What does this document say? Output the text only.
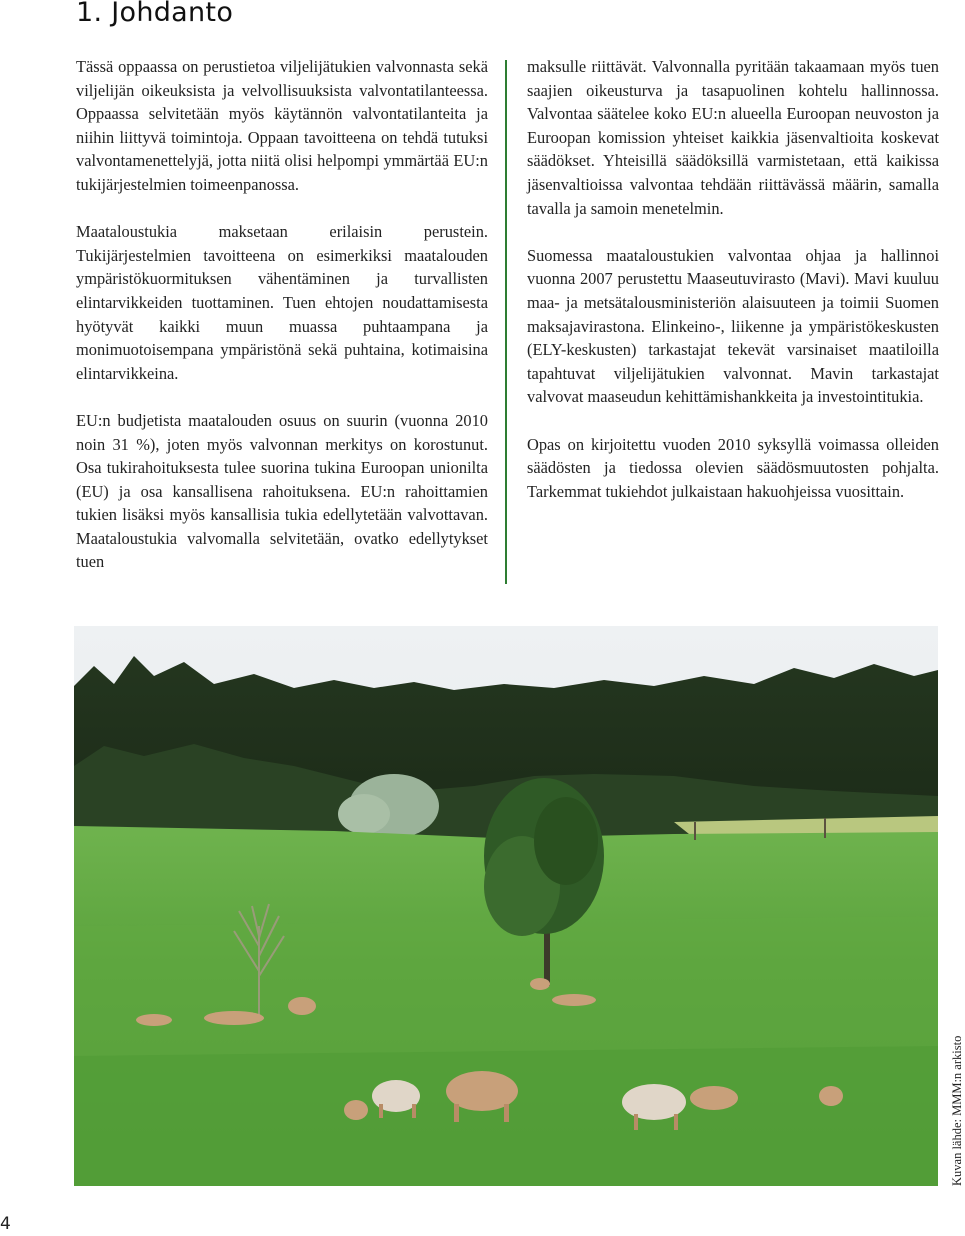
1. Johdanto

Tässä oppaassa on perustietoa viljelijätukien valvonnasta sekä viljelijän oikeuksista ja velvollisuuksista valvontatilanteessa. Oppaassa selvitetään myös käytännön valvontatilanteita ja niihin liittyvä toimintoja. Oppaan tavoitteena on tehdä tutuksi valvontamenettelyjä, jotta niitä olisi helpompi ymmärtää EU:n tukijärjestelmien toimeenpanossa.

Maataloustukia maksetaan erilaisin perustein. Tukijärjestelmien tavoitteena on esimerkiksi maatalouden ympäristökuormituksen vähentäminen ja turvallisten elintarvikkeiden tuottaminen. Tuen ehtojen noudattamisesta hyötyvät kaikki muun muassa puhtaampana ja monimuotoisempana ympäristönä sekä puhtaina, kotimaisina elintarvikkeina.

EU:n budjetista maatalouden osuus on suurin (vuonna 2010 noin 31 %), joten myös valvonnan merkitys on korostunut. Osa tukirahoituksesta tulee suorina tukina Euroopan unionilta (EU) ja osa kansallisena rahoituksena. EU:n rahoittamien tukien lisäksi myös kansallisia tukia edellytetään valvottavan. Maataloustukia valvomalla selvitetään, ovatko edellytykset tuen

maksulle riittävät. Valvonnalla pyritään takaamaan myös tuen saajien oikeusturva ja tasapuolinen kohtelu hallinnossa. Valvontaa säätelee koko EU:n alueella Euroopan neuvoston ja Euroopan komission yhteiset kaikkia jäsenvaltioita koskevat säädökset. Yhteisillä säädöksillä varmistetaan, että kaikissa jäsenvaltioissa valvontaa tehdään riittävässä määrin, samalla tavalla ja samoin menetelmin.

Suomessa maataloustukien valvontaa ohjaa ja hallinnoi vuonna 2007 perustettu Maaseutuvirasto (Mavi). Mavi kuuluu maa- ja metsätalousministeriön alaisuuteen ja toimii Suomen maksajavirastona. Elinkeino-, liikenne ja ympäristökeskusten (ELY-keskusten) tarkastajat tekevät varsinaiset maatiloilla tapahtuvat viljelijätukien valvonnat. Mavin tarkastajat valvovat maaseudun kehittämishankkeita ja investointitukia.

Opas on kirjoitettu vuoden 2010 syksyllä voimassa olleiden säädösten ja tiedossa olevien säädösmuutosten pohjalta. Tarkemmat tukiehdot julkaistaan hakuohjeissa vuosittain.

Kuvan lähde: MMM:n arkisto
4
